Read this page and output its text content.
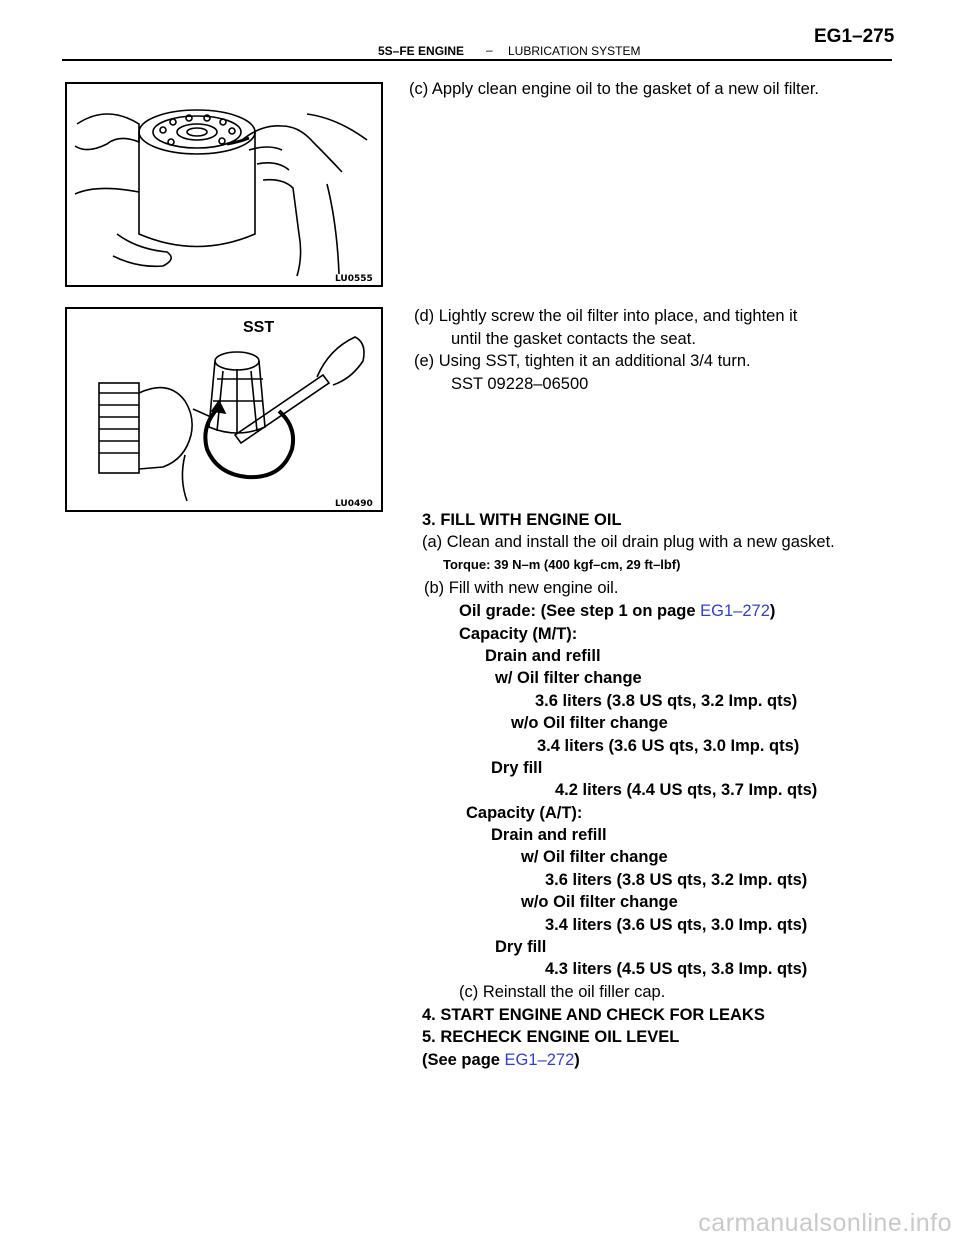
5S–FE ENGINE – LUBRICATION SYSTEM
EG1–275
LU0555
SST
LU0490
(c) Apply clean engine oil to the gasket of a new oil filter.
(d) Lightly screw the oil filter into place, and tighten it
until the gasket contacts the seat.
(e) Using SST, tighten it an additional 3/4 turn.
SST 09228–06500
3. FILL WITH ENGINE OIL
(a) Clean and install the oil drain plug with a new gasket.
Torque: 39 N–m (400 kgf–cm, 29 ft–lbf)
(b) Fill with new engine oil.
Oil grade: (See step 1 on page EG1–272)
Capacity (M/T):
Drain and refill
w/ Oil filter change
3.6 liters (3.8 US qts, 3.2 Imp. qts)
w/o Oil filter change
3.4 liters (3.6 US qts, 3.0 Imp. qts)
Dry fill
4.2 liters (4.4 US qts, 3.7 Imp. qts)
Capacity (A/T):
Drain and refill
w/ Oil filter change
3.6 liters (3.8 US qts, 3.2 Imp. qts)
w/o Oil filter change
3.4 liters (3.6 US qts, 3.0 Imp. qts)
Dry fill
4.3 liters (4.5 US qts, 3.8 Imp. qts)
(c) Reinstall the oil filler cap.
4. START ENGINE AND CHECK FOR LEAKS
5. RECHECK ENGINE OIL LEVEL
(See page EG1–272)
carmanualsonline.info
